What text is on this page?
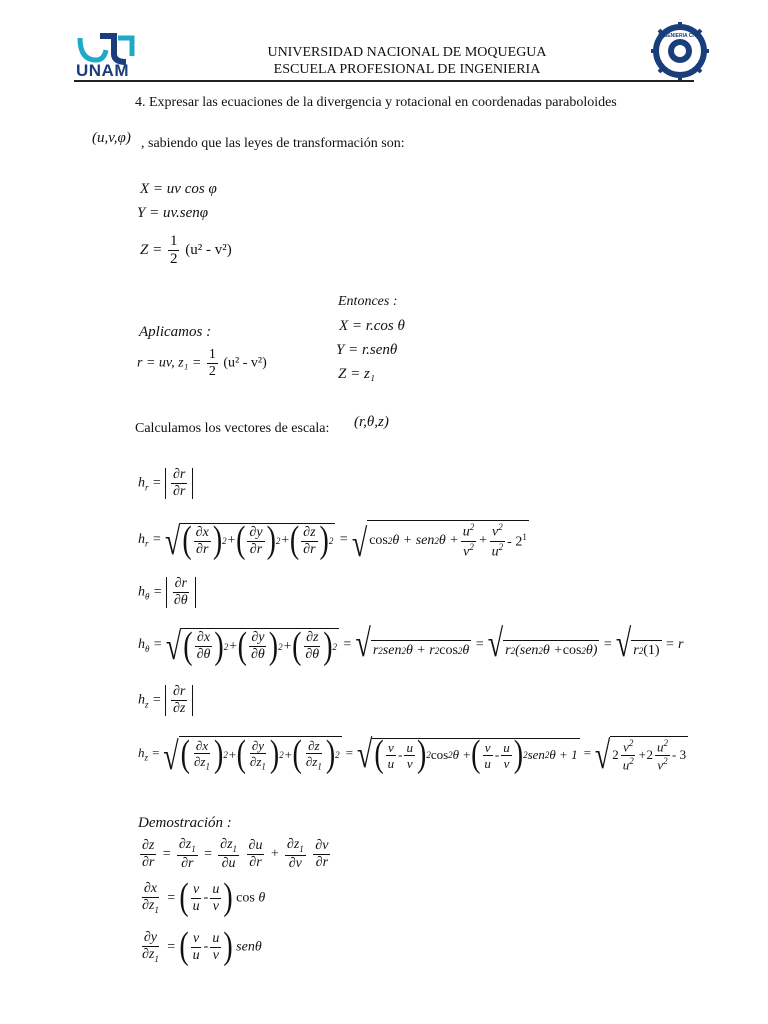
UNAM
UNIVERSIDAD NACIONAL DE MOQUEGUA
ESCUELA PROFESIONAL DE INGENIERIA
INGENIERIA CIVIL
4. Expresar las ecuaciones de la divergencia y rotacional en coordenadas paraboloides
(u,v,φ) , sabiendo que las leyes de transformación son:
X = uv cos φ
Y = uv.senφ
$Z = \frac{1}{2} (u^2 - v^2)$
Entonces :
X = r.cos θ
Aplicamos :
Y = r.senθ
r = uv, $z_1 = \frac{1}{2} (u^2 - v^2)$
Z = z₁
Calculamos los vectores de escala: (r,θ,z)
$h_r = \frac{\partial r}{\partial r}$
$h_r$ = √ ( $\frac{\partial x}{\partial r}$ ) 2 + ( $\frac{\partial y}{\partial r}$ ) 2 + ( $\frac{\partial z}{\partial r}$ ) 2 = √ cos 2 θ + sen 2 $\theta + \frac{u^2}{v^2} + \frac{v^2}{u^2} - 2^1$
$h_\theta = \frac{\partial r}{\partial\theta}$
$h_\theta$ = √ ( $\frac{\partial x}{\partial\theta}$ ) 2 + ( $\frac{\partial y}{\partial\theta}$ ) 2 + ( $\frac{\partial z}{\partial\theta}$ ) 2 = √ r 2 sen 2 θ + r 2 cos 2 θ = √ r 2 (sen 2 θ + cos 2 θ) = √ r 2 (1) = r
$h_z = \frac{\partial r}{\partial z}$
$h_z$ = √ ( $\frac{\partial x}{\partial z_1}$ ) 2 + ( $\frac{\partial y}{\partial z_1}$ ) 2 + ( $\frac{\partial z}{\partial z_1}$ ) 2 = √ ( $\frac{v}{u} - \frac{u}{v}$ ) 2 cos 2 θ + ( $\frac{v}{u} - \frac{u}{v}$ ) 2 sen 2 θ + 1 = √ $2 \frac{v^2}{u^2} + 2 \frac{u^2}{v^2} - 3$
Demostración :
$\frac{\partial z}{\partial r} = \frac{\partial z_1}{\partial r} = \frac{\partial z_1}{\partial u}$
$\frac{\partial u}{\partial r} + \frac{\partial z_1}{\partial v}$
$\frac{\partial v}{\partial r}$
$\frac{\partial x}{\partial z_1}$ = ( $\frac{v}{u} - \frac{u}{v}$ ) cos θ
$\frac{\partial y}{\partial z_1}$ = ( $\frac{v}{u} - \frac{u}{v}$ ) senθ
